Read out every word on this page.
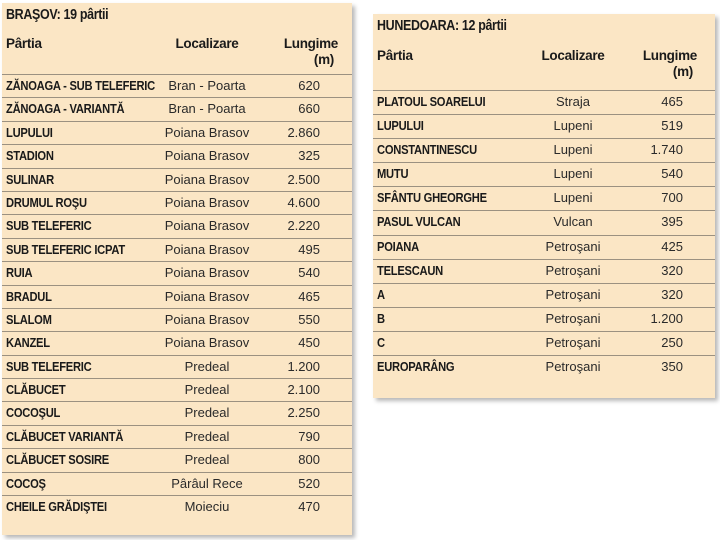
BRAŞOV: 19 pârtii
Pârtia	Localizare	Lungime
(m)
ZĂNOAGA - SUB TELEFERIC	Bran - Poarta	620
ZĂNOAGA - VARIANTĂ	Bran - Poarta	660
LUPULUI	Poiana Brasov	2.860
STADION	Poiana Brasov	325
SULINAR	Poiana Brasov	2.500
DRUMUL ROŞU	Poiana Brasov	4.600
SUB TELEFERIC	Poiana Brasov	2.220
SUB TELEFERIC ICPAT	Poiana Brasov	495
RUIA	Poiana Brasov	540
BRADUL	Poiana Brasov	465
SLALOM	Poiana Brasov	550
KANZEL	Poiana Brasov	450
SUB TELEFERIC	Predeal	1.200
CLĂBUCET	Predeal	2.100
COCOŞUL	Predeal	2.250
CLĂBUCET VARIANTĂ	Predeal	790
CLĂBUCET SOSIRE	Predeal	800
COCOŞ	Pârâul Rece	520
CHEILE GRĂDIŞTEI	Moieciu	470
HUNEDOARA: 12 pârtii
Pârtia	Localizare	Lungime
(m)
PLATOUL SOARELUI	Straja	465
LUPULUI	Lupeni	519
CONSTANTINESCU	Lupeni	1.740
MUTU	Lupeni	540
SFÂNTU GHEORGHE	Lupeni	700
PASUL VULCAN	Vulcan	395
POIANA	Petroşani	425
TELESCAUN	Petroşani	320
A	Petroşani	320
B	Petroşani	1.200
C	Petroşani	250
EUROPARÂNG	Petroşani	350
